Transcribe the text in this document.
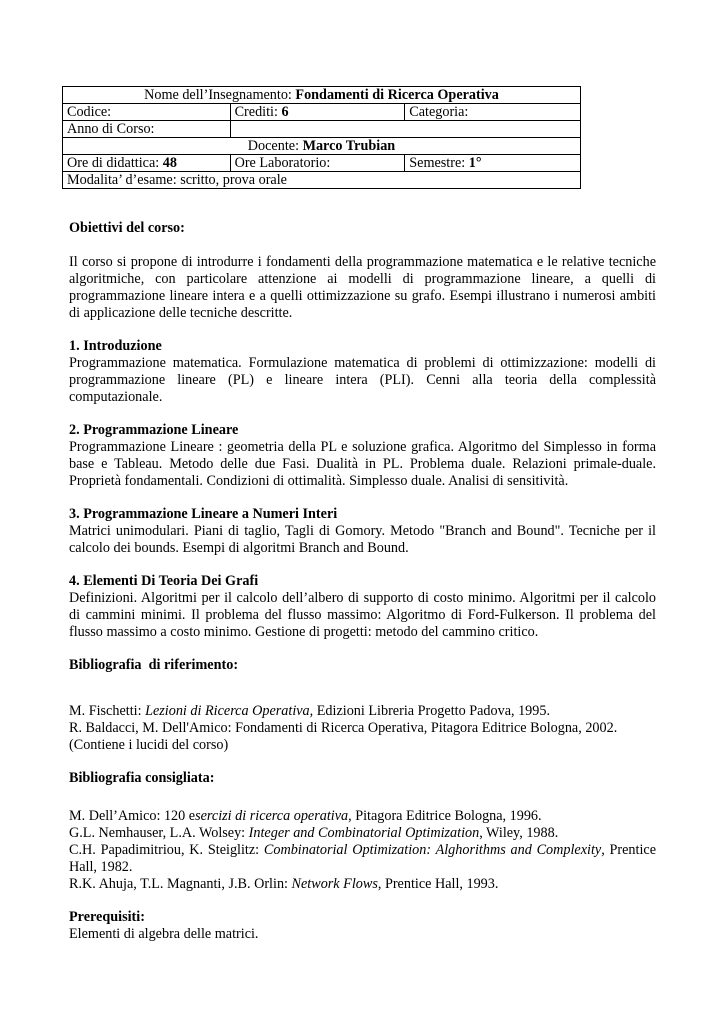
Nome dell’Insegnamento: Fondamenti di Ricerca Operativa		
Codice:	Crediti: 6	Categoria:
Anno di Corso:		
Docente: Marco Trubian		
Ore di didattica: 48	Ore Laboratorio:	Semestre: 1°
Modalita’ d’esame: scritto, prova orale		

Obiettivi del corso:

Il corso si propone di introdurre i fondamenti della programmazione matematica e le relative tecniche algoritmiche, con particolare attenzione ai modelli di programmazione lineare, a quelli di programmazione lineare intera e a quelli ottimizzazione su grafo. Esempi illustrano i numerosi ambiti di applicazione delle tecniche descritte.

1. Introduzione

Programmazione matematica. Formulazione matematica di problemi di ottimizzazione: modelli di programmazione lineare (PL) e lineare intera (PLI). Cenni alla teoria della complessità computazionale.

2. Programmazione Lineare

Programmazione Lineare : geometria della PL e soluzione grafica. Algoritmo del Simplesso in forma base e Tableau. Metodo delle due Fasi. Dualità in PL. Problema duale. Relazioni primale-duale. Proprietà fondamentali. Condizioni di ottimalità. Simplesso duale. Analisi di sensitività.

3. Programmazione Lineare a Numeri Interi

Matrici unimodulari. Piani di taglio, Tagli di Gomory. Metodo "Branch and Bound". Tecniche per il calcolo dei bounds. Esempi di algoritmi Branch and Bound.

4. Elementi Di Teoria Dei Grafi

Definizioni. Algoritmi per il calcolo dell’albero di supporto di costo minimo. Algoritmi per il calcolo di cammini minimi. Il problema del flusso massimo: Algoritmo di Ford-Fulkerson. Il problema del flusso massimo a costo minimo. Gestione di progetti: metodo del cammino critico.

Bibliografia  di riferimento:

M. Fischetti: Lezioni di Ricerca Operativa, Edizioni Libreria Progetto Padova, 1995.

R. Baldacci, M. Dell'Amico: Fondamenti di Ricerca Operativa, Pitagora Editrice Bologna, 2002.

(Contiene i lucidi del corso)

Bibliografia consigliata:

M. Dell’Amico: 120 esercizi di ricerca operativa, Pitagora Editrice Bologna, 1996.

G.L. Nemhauser, L.A. Wolsey: Integer and Combinatorial Optimization, Wiley, 1988.

C.H. Papadimitriou, K. Steiglitz: Combinatorial Optimization: Alghorithms and Complexity, Prentice Hall, 1982.

R.K. Ahuja, T.L. Magnanti, J.B. Orlin: Network Flows, Prentice Hall, 1993.

Prerequisiti:

Elementi di algebra delle matrici.
